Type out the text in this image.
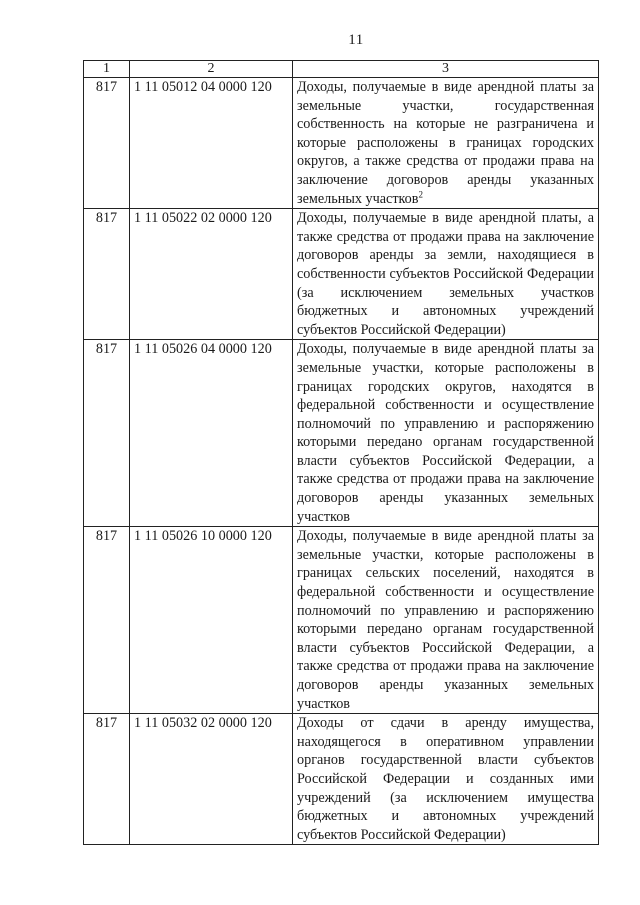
11
1	2	3
817	1 11 05012 04 0000 120	Доходы, получаемые в виде арендной платы за земельные участки, государственная собственность на которые не разграничена и которые расположены в границах городских округов, а также средства от продажи права на заключение договоров аренды указанных земельных участков$^2$
817	1 11 05022 02 0000 120	Доходы, получаемые в виде арендной платы, а также средства от продажи права на заключение договоров аренды за земли, находящиеся в собственности субъектов Российской Федерации (за исключением земельных участков бюджетных и автономных учреждений субъектов Российской Федерации)
817	1 11 05026 04 0000 120	Доходы, получаемые в виде арендной платы за земельные участки, которые расположены в границах городских округов, находятся в федеральной собственности и осуществление полномочий по управлению и распоряжению которыми передано органам государственной власти субъектов Российской Федерации, а также средства от продажи права на заключение договоров аренды указанных земельных участков
817	1 11 05026 10 0000 120	Доходы, получаемые в виде арендной платы за земельные участки, которые расположены в границах сельских поселений, находятся в федеральной собственности и осуществление полномочий по управлению и распоряжению которыми передано органам государственной власти субъектов Российской Федерации, а также средства от продажи права на заключение договоров аренды указанных земельных участков
817	1 11 05032 02 0000 120	Доходы от сдачи в аренду имущества, находящегося в оперативном управлении органов государственной власти субъектов Российской Федерации и созданных ими учреждений (за исключением имущества бюджетных и автономных учреждений субъектов Российской Федерации)
